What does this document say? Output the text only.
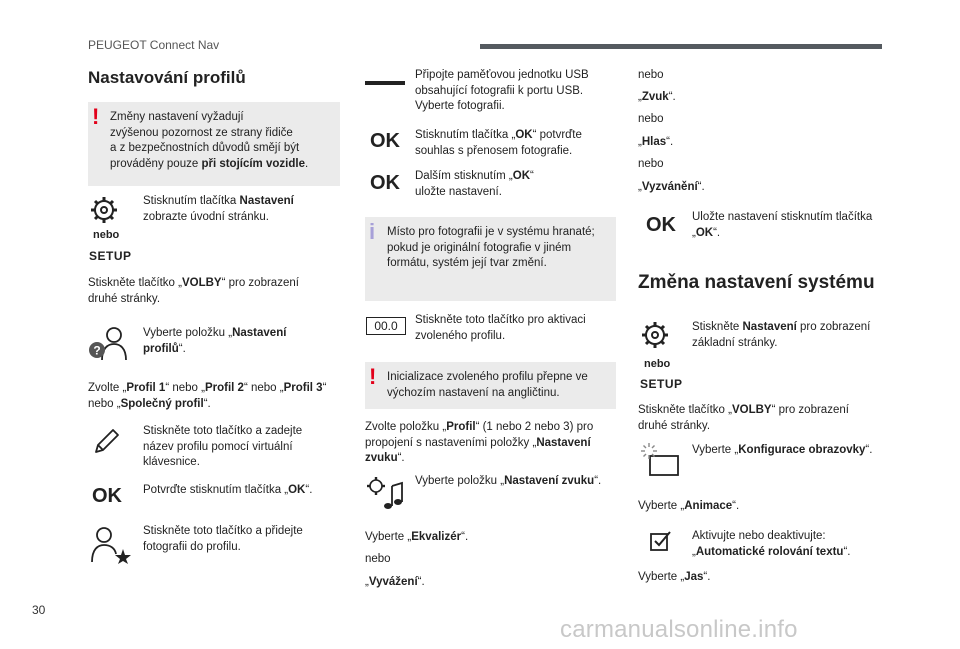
PEUGEOT Connect Nav
Nastavování profilů
! Změny nastavení vyžadují
zvýšenou pozornost ze strany řidiče
a z bezpečnostních důvodů smějí být
prováděny pouze při stojícím vozidle.
nebo
SETUP
Stisknutím tlačítka Nastavení
zobrazte úvodní stránku.
Stiskněte tlačítko „VOLBY“ pro zobrazení
druhé stránky.
?
Vyberte položku „Nastavení
profilů“.
Zvolte „Profil 1“ nebo „Profil 2“ nebo „Profil 3“
nebo „Společný profil“.
Stiskněte toto tlačítko a zadejte
název profilu pomocí virtuální
klávesnice.
OK Potvrďte stisknutím tlačítka „OK“.
Stiskněte toto tlačítko a přidejte
fotografii do profilu.
Připojte paměťovou jednotku USB
obsahující fotografii k portu USB.
Vyberte fotografii.
OK Stisknutím tlačítka „OK“ potvrďte
souhlas s přenosem fotografie.
OK Dalším stisknutím „OK“
uložte nastavení.
i Místo pro fotografii je v systému hranaté;
pokud je originální fotografie v jiném
formátu, systém její tvar změní.
00.0	Stiskněte toto tlačítko pro aktivaci
zvoleného profilu.
! Inicializace zvoleného profilu přepne ve
výchozím nastavení na angličtinu.
Zvolte položku „Profil“ (1 nebo 2 nebo 3) pro
propojení s nastaveními položky „Nastavení
zvuku“.
Vyberte položku „Nastavení zvuku“.
Vyberte „Ekvalizér“.
nebo
„Vyvážení“.
nebo
„Zvuk“.
nebo
„Hlas“.
nebo
„Vyzvánění“.
OK Uložte nastavení stisknutím tlačítka
„OK“.
Změna nastavení systému
nebo
SETUP
Stiskněte Nastavení pro zobrazení
základní stránky.
Stiskněte tlačítko „VOLBY“ pro zobrazení
druhé stránky.
Vyberte „Konfigurace obrazovky“.
Vyberte „Animace“.
Aktivujte nebo deaktivujte:
„Automatické rolování textu“.
Vyberte „Jas“.
30
carmanualsonline.info
